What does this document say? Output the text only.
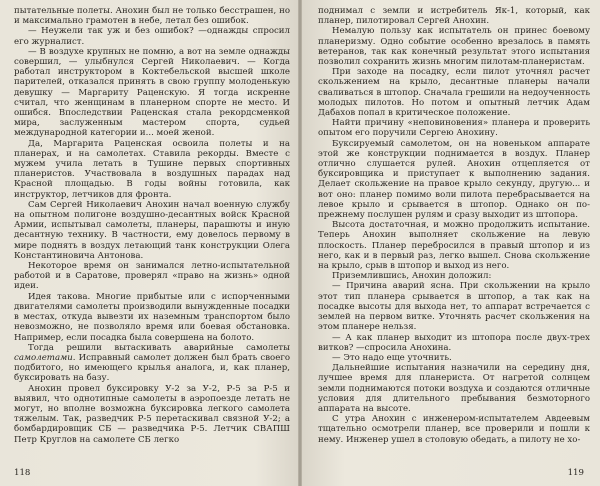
пытательные полеты. Анохин был не только бесстрашен, но и максимально грамотен в небе, летал без ошибок.

— Неужели так уж и без ошибок? —однажды спросил его журналист.

— В воздухе крупных не помню, а вот на земле однажды совершил, — улыбнулся Сергей Николаевич. — Когда работал инструктором в Коктебельской высшей школе парителей, отказался принять в свою группу молоденькую девушку — Маргариту Раценскую. Я тогда искренне считал, что женщинам в планерном спорте не место. И ошибся. Впоследствии Раценская стала рекордсменкой мира, заслуженным мастером спорта, судьей международной категории и... моей женой.

Да, Маргарита Раценская освоила полеты и на планерах, и на самолетах. Ставила рекорды. Вместе с мужем учила летать в Тушине первых спортивных планеристов. Участвовала в воздушных парадах над Красной площадью. В годы войны готовила, как инструктор, летчиков для фронта.

Сам Сергей Николаевич Анохин начал военную службу на опытном полигоне воздушно-десантных войск Красной Армии, испытывал самолеты, планеры, парашюты и иную десантную технику. В частности, ему довелось первому в мире поднять в воздух летающий танк конструкции Олега Константиновича Антонова.

Некоторое время он занимался летно-испытательной работой и в Саратове, проверял «право на жизнь» одной идеи.

Идея такова. Многие прибытые или с испорченными двигателями самолеты производили вынужденные посадки в местах, откуда вывезти их наземным транспортом было невозможно, не позволяло время или боевая обстановка. Например, если посадка была совершена на болото.

Тогда решили вытаскивать аварийные самолеты самолетами. Исправный самолет должен был брать своего подбитого, но имеющего крылья аналога, и, как планер, буксировать на базу.

Анохин провел буксировку У-2 за У-2, Р-5 за Р-5 и выявил, что однотипные самолеты в аэропоезде летать не могут, но вполне возможна буксировка легкого самолета тяжелым. Так, разведчик Р-5 перетаскивал связной У-2; а бомбардировщик СБ — разведчика Р-5. Летчик СВАПШ Петр Круглов на самолете СБ легко

118

поднимал с земли и истребитель Як-1, который, как планер, пилотировал Сергей Анохин.

Немалую пользу как испытатель он принес боевому планеризму. Одно событие особенно врезалось в память ветеранов, так как конечный результат этого испытания позволил сохранить жизнь многим пилотам-планеристам.

При заходе на посадку, если пилот уточнял расчет скольжением на крыло, десантные планеры начали сваливаться в штопор. Сначала грешили на недоученность молодых пилотов. Но потом и опытный летчик Адам Дабахов попал в критическое положение.

Найти причину «неповиновения» планера и проверить опытом его поручили Сергею Анохину.

Буксируемый самолетом, он на новеньком аппарате этой же конструкции поднимается в воздух. Планер отлично слушается рулей. Анохин отцепляется от буксировщика и приступает к выполнению задания. Делает скольжение на правое крыло секунду, другую... и вот оно: планер помимо воли пилота перебрасывается на левое крыло и срывается в штопор. Однако он по-прежнему послушен рулям и сразу выходит из штопора.

Высота достаточная, и можно продолжить испытание. Теперь Анохин выполняет скольжение на левую плоскость. Планер перебросился в правый штопор и из него, как и в первый раз, легко вышел. Снова скольжение на крыло, срыв в штопор и выход из него.

Приземлившись, Анохин доложил:

— Причина аварий ясна. При скольжении на крыло этот тип планера срывается в штопор, а так как на посадке высоты для выхода нет, то аппарат встречается с землей на первом витке. Уточнять расчет скольжения на этом планере нельзя.

— А как планер выходит из штопора после двух-трех витков? —спросила Анохина.

— Это надо еще уточнить.

Дальнейшие испытания назначили на середину дня, лучшее время для планериста. От нагретой солнцем земли поднимаются потоки воздуха и создаются отличные условия для длительного пребывания безмоторного аппарата на высоте.

С утра Анохин с инженером-испытателем Авдеевым тщательно осмотрели планер, все проверили и пошли к нему. Инженер ушел в столовую обедать, а пилоту не хо-

119
